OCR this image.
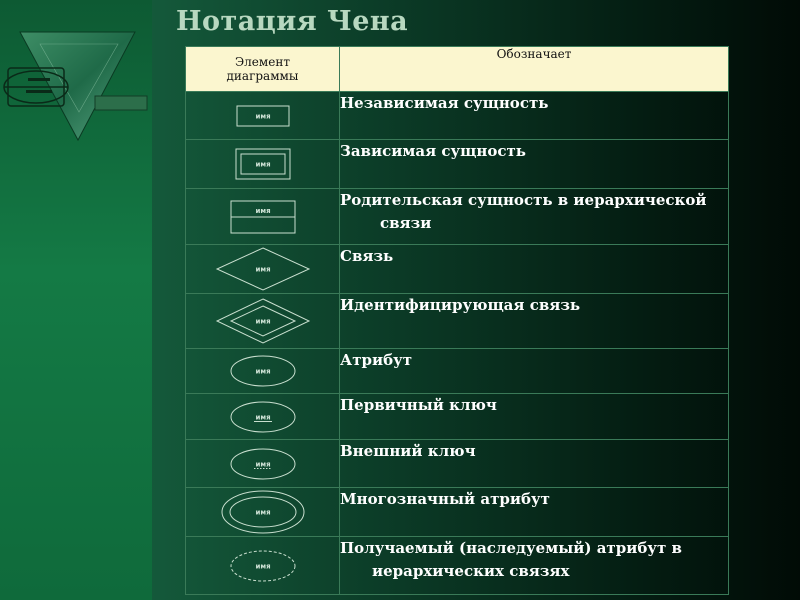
Нотация Чена
Элемент
диаграммы	Обозначает

имя	Независимая сущность

имя	Зависимая сущность

имя	Родительская сущность в иерархической
связи

имя	Связь

имя	Идентифицирующая связь

имя	Атрибут

имя	Первичный ключ

имя	Внешний ключ

имя	Многозначный атрибут

имя	Получаемый (наследуемый) атрибут в
иерархических связях
